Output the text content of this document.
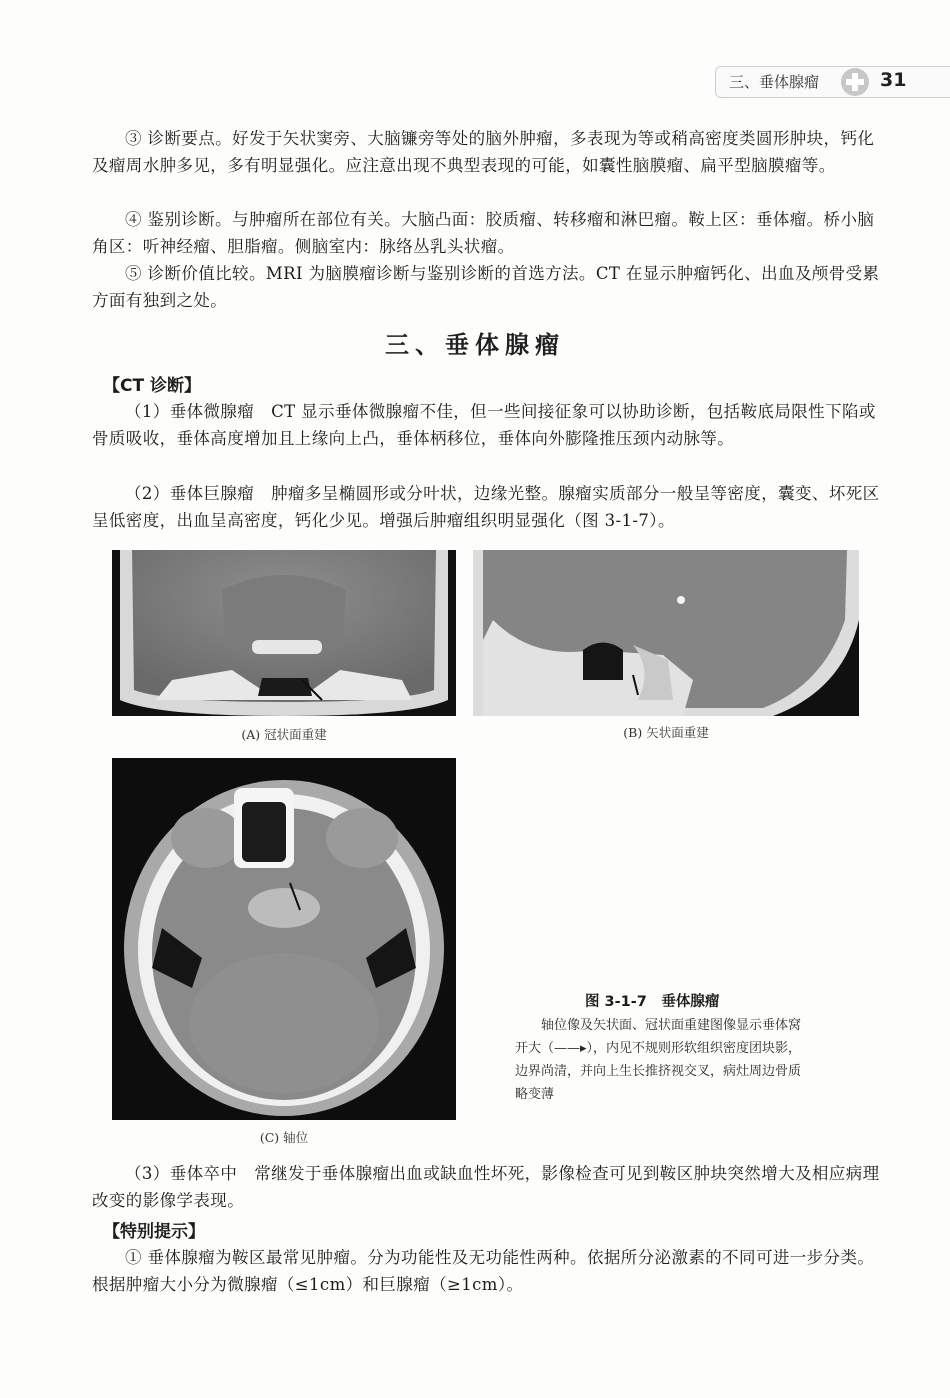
三、垂体腺瘤	31

③ 诊断要点。好发于矢状窦旁、大脑镰旁等处的脑外肿瘤，多表现为等或稍高密度类圆形肿块，钙化及瘤周水肿多见，多有明显强化。应注意出现不典型表现的可能，如囊性脑膜瘤、扁平型脑膜瘤等。

④ 鉴别诊断。与肿瘤所在部位有关。大脑凸面：胶质瘤、转移瘤和淋巴瘤。鞍上区：垂体瘤。桥小脑角区：听神经瘤、胆脂瘤。侧脑室内：脉络丛乳头状瘤。

⑤ 诊断价值比较。MRI 为脑膜瘤诊断与鉴别诊断的首选方法。CT 在显示肿瘤钙化、出血及颅骨受累方面有独到之处。

三、垂体腺瘤
【CT 诊断】

（1）垂体微腺瘤　CT 显示垂体微腺瘤不佳，但一些间接征象可以协助诊断，包括鞍底局限性下陷或骨质吸收，垂体高度增加且上缘向上凸，垂体柄移位，垂体向外膨隆推压颈内动脉等。

（2）垂体巨腺瘤　肿瘤多呈椭圆形或分叶状，边缘光整。腺瘤实质部分一般呈等密度，囊变、坏死区呈低密度，出血呈高密度，钙化少见。增强后肿瘤组织明显强化（图 3-1-7）。

(A) 冠状面重建	(B) 矢状面重建
(C) 轴位
图 3-1-7　垂体腺瘤

轴位像及矢状面、冠状面重建图像显示垂体窝开大（——▸），内见不规则形软组织密度团块影，边界尚清，并向上生长推挤视交叉，病灶周边骨质略变薄

（3）垂体卒中　常继发于垂体腺瘤出血或缺血性坏死，影像检查可见到鞍区肿块突然增大及相应病理改变的影像学表现。

【特别提示】

① 垂体腺瘤为鞍区最常见肿瘤。分为功能性及无功能性两种。依据所分泌激素的不同可进一步分类。根据肿瘤大小分为微腺瘤（≤1cm）和巨腺瘤（≥1cm）。
